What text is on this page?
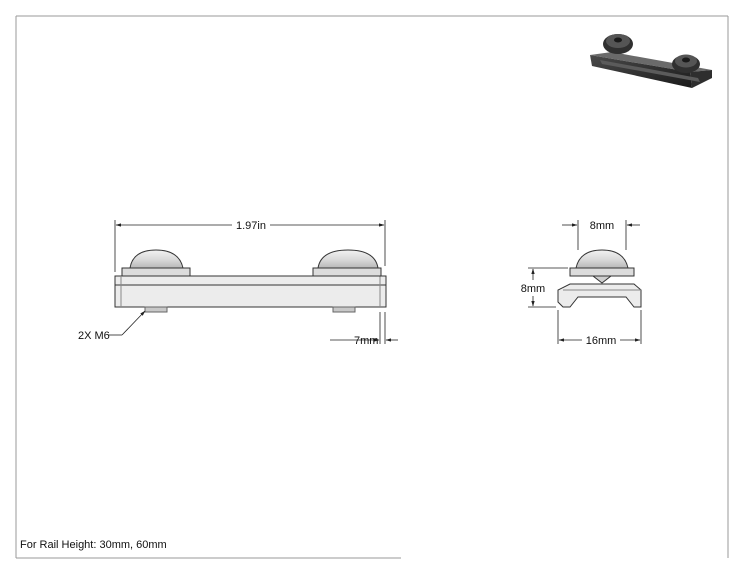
1.97in
2X M6	7mm
8mm
8mm
16mm
For Rail Height: 30mm, 60mm
